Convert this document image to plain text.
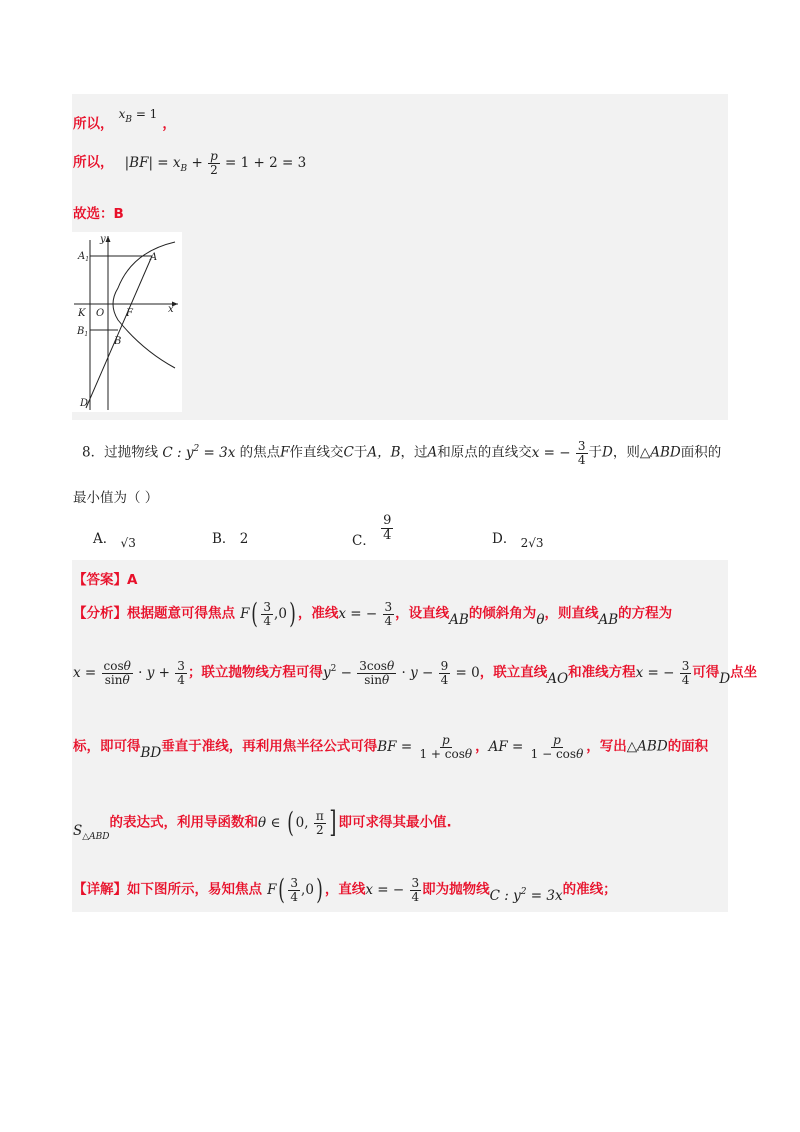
$_{所以,}$ $x_B = 1$ $_,$
所以， $|BF| = x_B + \frac{p}{2} = 1 + 2 = 3$
故选：B
y
$A_1$	A
K O F	x
$B_1$
B
D
8．过抛物线 C : $y^2 = 3x$ 的焦点F作直线交C于A，B，过A和原点的直线交x = − $\frac{3}{4}$ 于D，则△ABD面积的
最小值为（ ）
A． √3	B． 2	C． $\frac{9}{4}$	D． 2√3
【答案】A
【分析】根据题意可得焦点 $F( \frac{3}{4} ,0)$ ，准线x = − $\frac{3}{4}$ ，设直线$_{AB}$的倾斜角为$_\theta$，则直线$_{AB}$的方程为
$x = \frac{\cos\theta}{\sin\theta} \cdot y + \frac{3}{4}$ ；联立抛物线方程可得$y^2 - \frac{3\cos\theta}{\sin\theta} \cdot y - \frac{9}{4} = 0$，联立直线$_{AO}$和准线方程x = − $\frac{3}{4}$ 可得$_D$点坐
标，即可得$_{BD}$垂直于准线，再利用焦半径公式可得BF = $\frac{p}{1 + \cos\theta}$ ，AF = $\frac{p}{1 - \cos\theta}$ ，写出△ABD的面积
$_{S_{\triangle ABD}}$的表达式，利用导函数和θ ∈ ( 0, $\frac{\pi}{2}$ ] 即可求得其最小值.
【详解】如下图所示，易知焦点 $F( \frac{3}{4} ,0)$ ，直线x = − $\frac{3}{4}$ 即为抛物线$_{C : y^2 = 3x}$的准线；
